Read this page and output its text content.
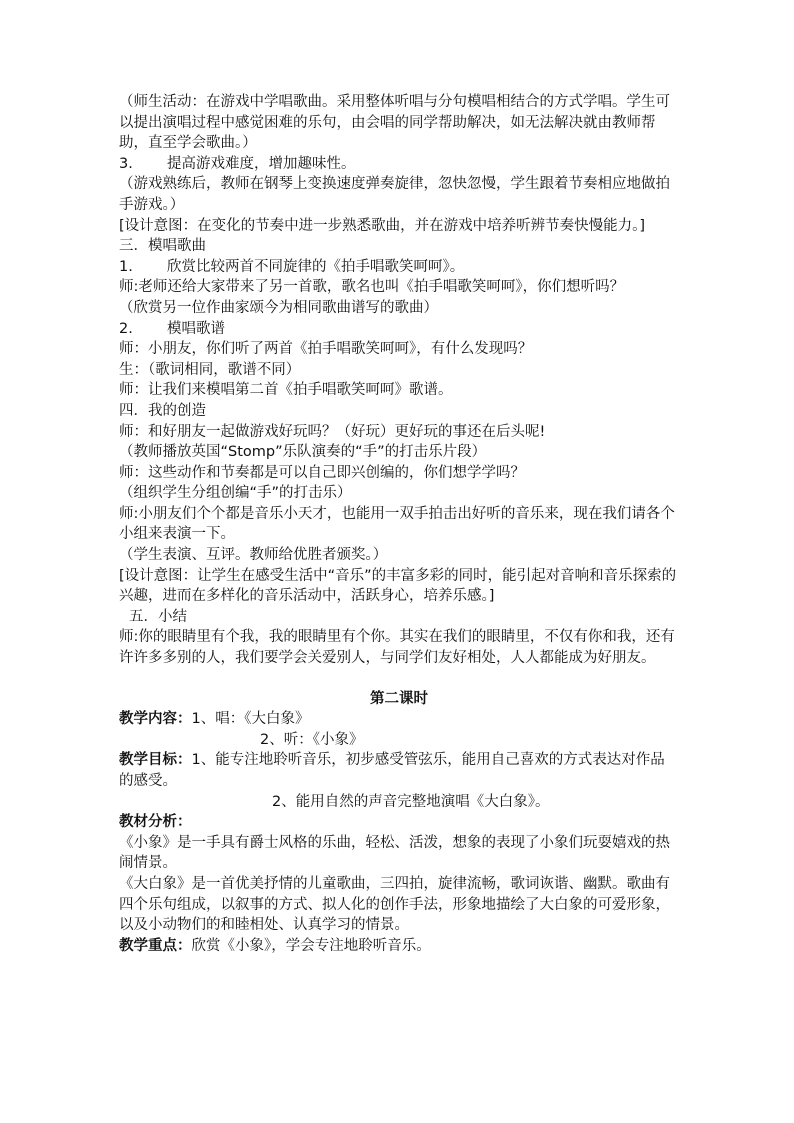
（师生活动：在游戏中学唱歌曲。采用整体听唱与分句模唱相结合的方式学唱。学生可以提出演唱过程中感觉困难的乐句，由会唱的同学帮助解决，如无法解决就由教师帮助，直至学会歌曲。）

3. 提高游戏难度，增加趣味性。

（游戏熟练后，教师在钢琴上变换速度弹奏旋律，忽快忽慢，学生跟着节奏相应地做拍手游戏。）

[设计意图：在变化的节奏中进一步熟悉歌曲，并在游戏中培养听辨节奏快慢能力。]

三．模唱歌曲

1. 欣赏比较两首不同旋律的《拍手唱歌笑呵呵》。

师:老师还给大家带来了另一首歌，歌名也叫《拍手唱歌笑呵呵》，你们想听吗？

（欣赏另一位作曲家颂今为相同歌曲谱写的歌曲）

2. 模唱歌谱

师：小朋友，你们听了两首《拍手唱歌笑呵呵》，有什么发现吗？

生：（歌词相同，歌谱不同）

师：让我们来模唱第二首《拍手唱歌笑呵呵》歌谱。

四．我的创造

师：和好朋友一起做游戏好玩吗？（好玩）更好玩的事还在后头呢!

（教师播放英国“Stomp”乐队演奏的“手”的打击乐片段）

师：这些动作和节奏都是可以自己即兴创编的，你们想学学吗？

（组织学生分组创编“手”的打击乐）

师:小朋友们个个都是音乐小天才，也能用一双手拍击出好听的音乐来，现在我们请各个小组来表演一下。

（学生表演、互评。教师给优胜者颁奖。）

[设计意图：让学生在感受生活中“音乐”的丰富多彩的同时，能引起对音响和音乐探索的兴趣，进而在多样化的音乐活动中，活跃身心，培养乐感。]

五．小结

师:你的眼睛里有个我，我的眼睛里有个你。其实在我们的眼睛里，不仅有你和我，还有许许多多别的人，我们要学会关爱别人，与同学们友好相处，人人都能成为好朋友。

第二课时

教学内容：1、唱：《大白象》

2、听：《小象》

教学目标：1、能专注地聆听音乐，初步感受管弦乐，能用自己喜欢的方式表达对作品的感受。

2、能用自然的声音完整地演唱《大白象》。

教材分析：

《小象》是一手具有爵士风格的乐曲，轻松、活泼，想象的表现了小象们玩耍嬉戏的热闹情景。

《大白象》是一首优美抒情的儿童歌曲，三四拍，旋律流畅，歌词诙谐、幽默。歌曲有四个乐句组成，以叙事的方式、拟人化的创作手法，形象地描绘了大白象的可爱形象，以及小动物们的和睦相处、认真学习的情景。

教学重点：欣赏《小象》，学会专注地聆听音乐。
